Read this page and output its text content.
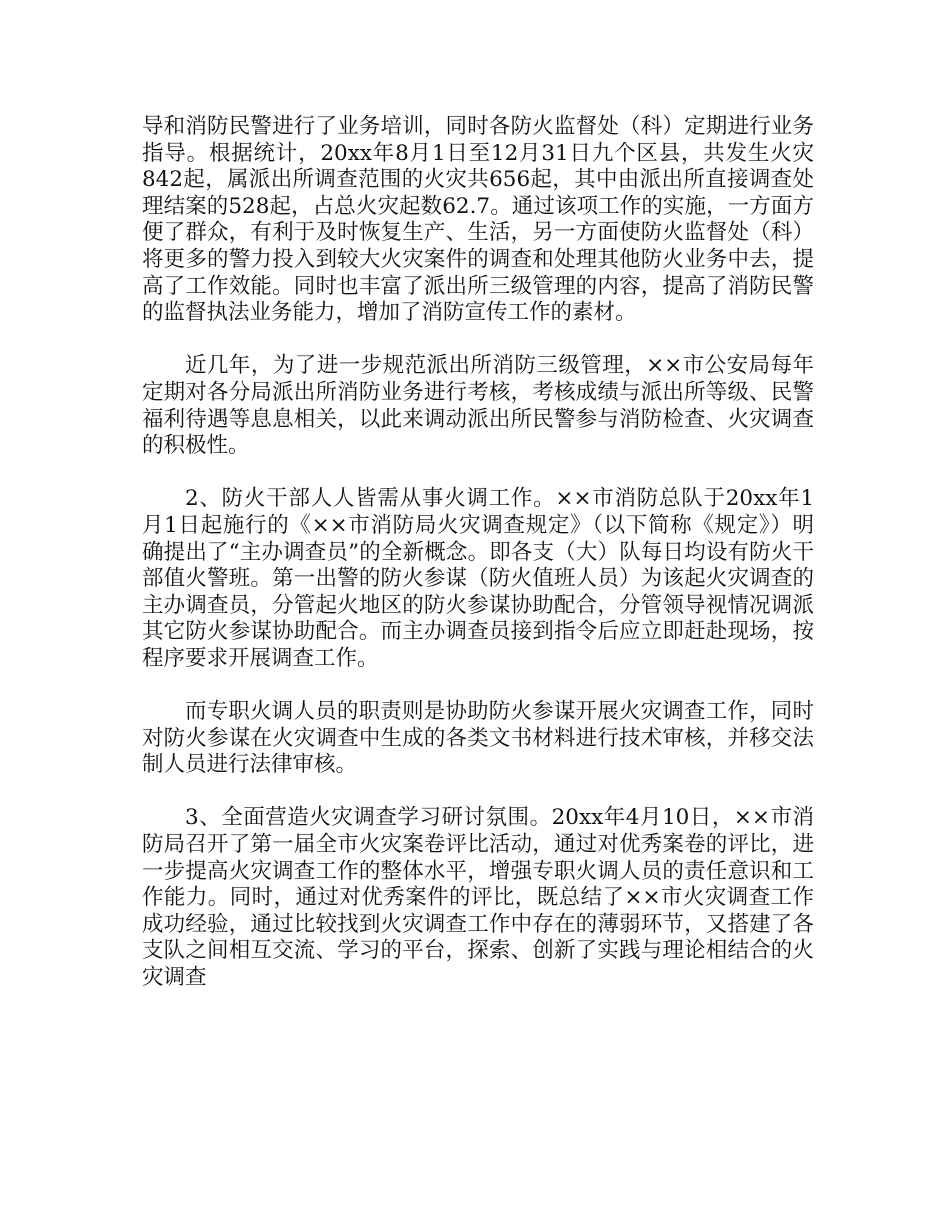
导和消防民警进行了业务培训，同时各防火监督处（科）定期进行业务指导。根据统计，20xx年8月1日至12月31日九个区县，共发生火灾842起，属派出所调查范围的火灾共656起，其中由派出所直接调查处理结案的528起，占总火灾起数62.7。通过该项工作的实施，一方面方便了群众，有利于及时恢复生产、生活，另一方面使防火监督处（科）将更多的警力投入到较大火灾案件的调查和处理其他防火业务中去，提高了工作效能。同时也丰富了派出所三级管理的内容，提高了消防民警的监督执法业务能力，增加了消防宣传工作的素材。

近几年，为了进一步规范派出所消防三级管理，××市公安局每年定期对各分局派出所消防业务进行考核，考核成绩与派出所等级、民警福利待遇等息息相关，以此来调动派出所民警参与消防检查、火灾调查的积极性。

2、防火干部人人皆需从事火调工作。××市消防总队于20xx年1月1日起施行的《××市消防局火灾调查规定》（以下简称《规定》）明确提出了“主办调查员”的全新概念。即各支（大）队每日均设有防火干部值火警班。第一出警的防火参谋（防火值班人员）为该起火灾调查的主办调查员，分管起火地区的防火参谋协助配合，分管领导视情况调派其它防火参谋协助配合。而主办调查员接到指令后应立即赶赴现场，按程序要求开展调查工作。

而专职火调人员的职责则是协助防火参谋开展火灾调查工作，同时对防火参谋在火灾调查中生成的各类文书材料进行技术审核，并移交法制人员进行法律审核。

3、全面营造火灾调查学习研讨氛围。20xx年4月10日，××市消防局召开了第一届全市火灾案卷评比活动，通过对优秀案卷的评比，进一步提高火灾调查工作的整体水平，增强专职火调人员的责任意识和工作能力。同时，通过对优秀案件的评比，既总结了××市火灾调查工作成功经验，通过比较找到火灾调查工作中存在的薄弱环节，又搭建了各支队之间相互交流、学习的平台，探索、创新了实践与理论相结合的火灾调查
